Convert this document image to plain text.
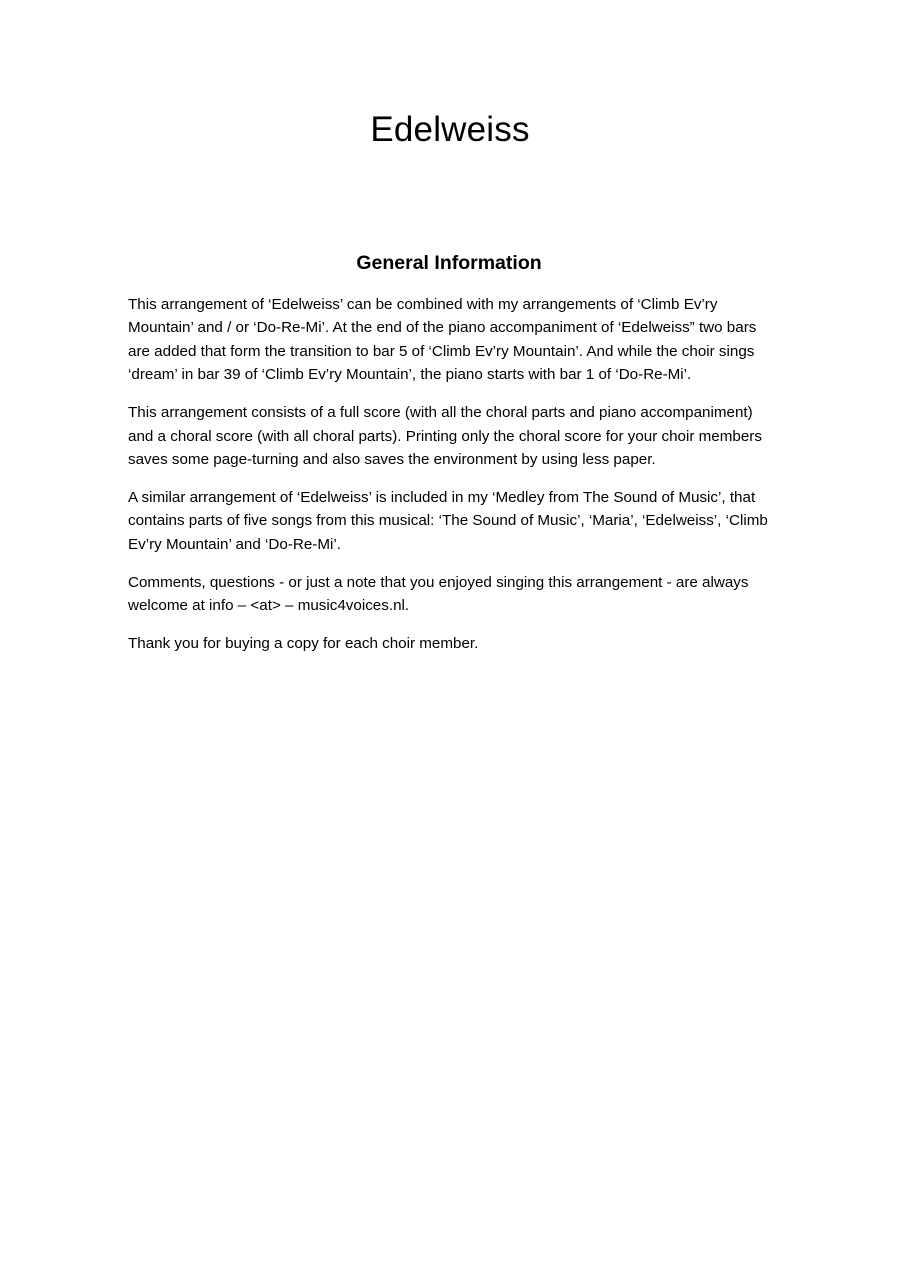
Edelweiss
General Information

This arrangement of ‘Edelweiss’ can be combined with my arrangements of ‘Climb Ev’ry Mountain’ and / or ‘Do-Re-Mi’. At the end of the piano accompaniment of ‘Edelweiss” two bars are added that form the transition to bar 5 of ‘Climb Ev’ry Mountain’. And while the choir sings ‘dream’ in bar 39 of ‘Climb Ev’ry Mountain’, the piano starts with bar 1 of ‘Do-Re-Mi’.

This arrangement consists of a full score (with all the choral parts and piano accompaniment) and a choral score (with all choral parts). Printing only the choral score for your choir members saves some page-turning and also saves the environment by using less paper.

A similar arrangement of ‘Edelweiss’ is included in my ‘Medley from The Sound of Music’, that contains parts of five songs from this musical: ‘The Sound of Music’, ‘Maria’, ‘Edelweiss’, ‘Climb Ev’ry Mountain’ and ‘Do-Re-Mi’.

Comments, questions - or just a note that you enjoyed singing this arrangement - are always welcome at info – <at> – music4voices.nl.

Thank you for buying a copy for each choir member.
